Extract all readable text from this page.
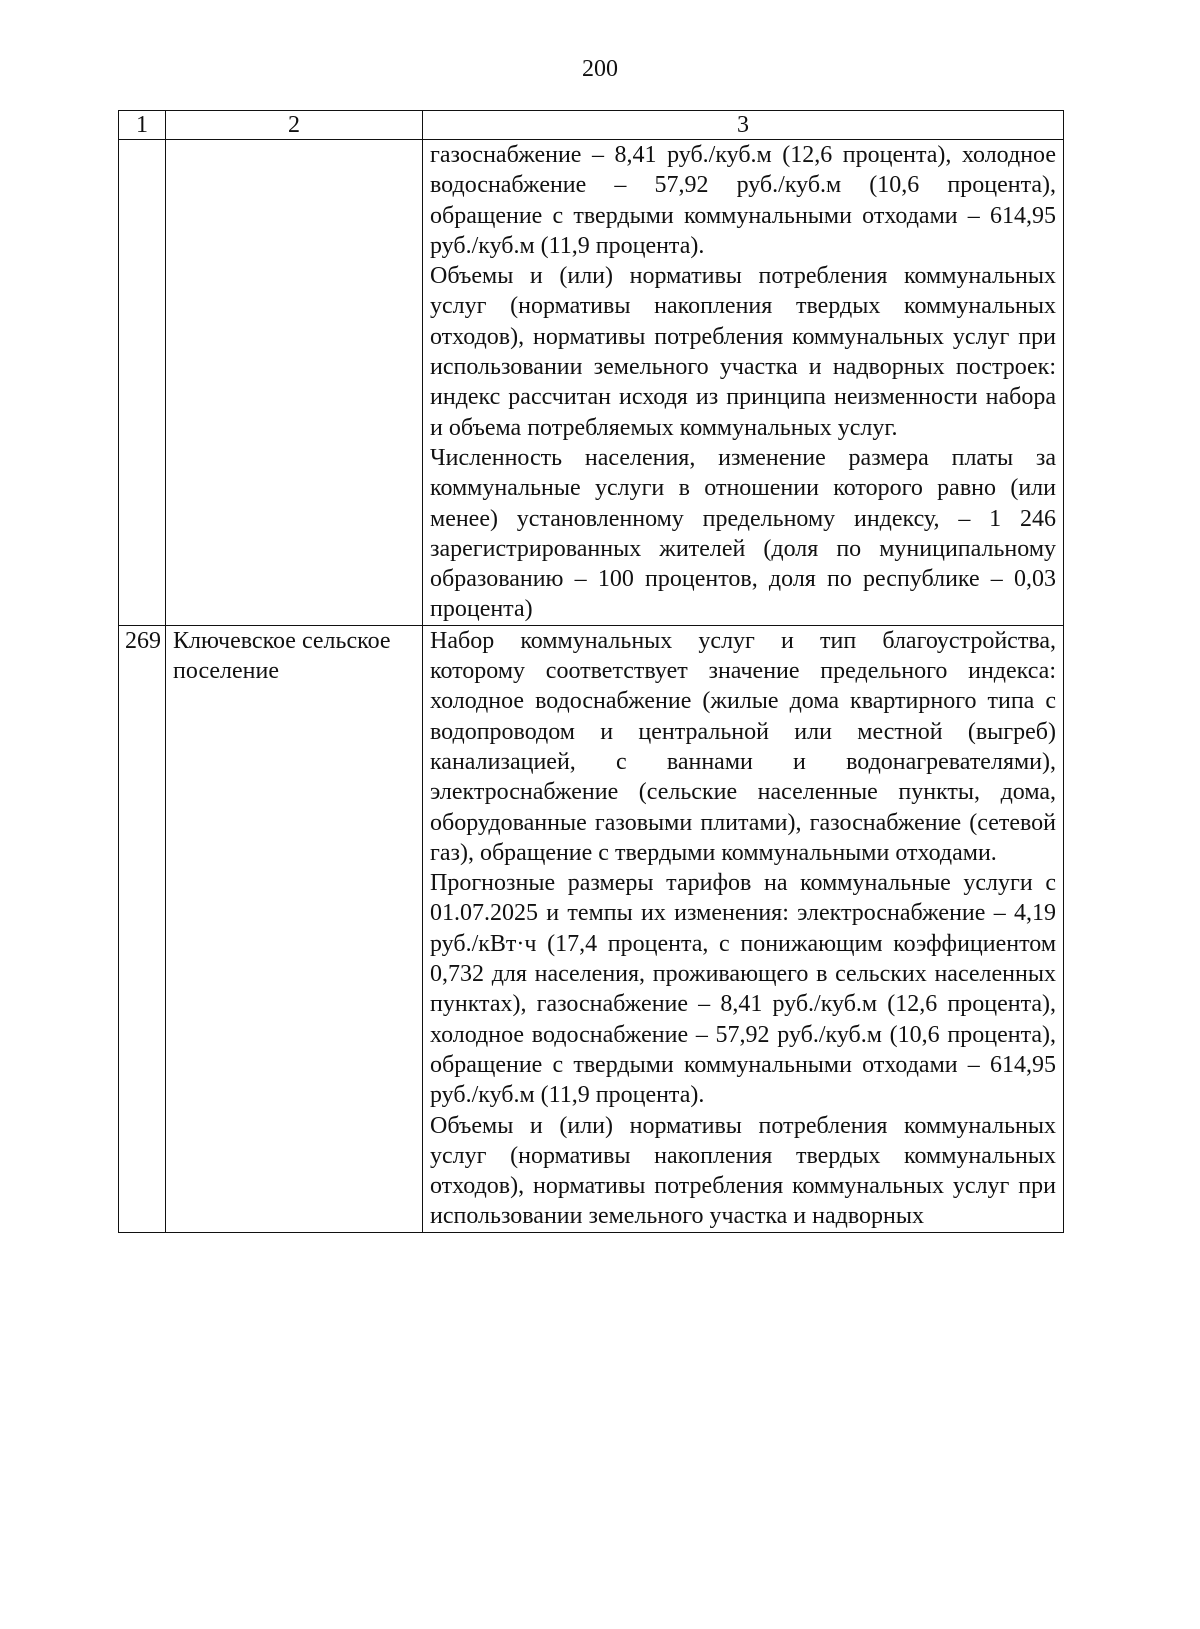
200
1	2	3

		газоснабжение – 8,41 руб./куб.м (12,6 процента), холодное водоснабжение – 57,92 руб./куб.м (10,6 процента), обращение с твердыми коммунальными отходами – 614,95 руб./куб.м (11,9 процента).

Объемы и (или) нормативы потребления коммунальных услуг (нормативы накопления твердых коммунальных отходов), нормативы потребления коммунальных услуг при использовании земельного участка и надворных построек: индекс рассчитан исходя из принципа неизменности набора и объема потребляемых коммунальных услуг.

Численность населения, изменение размера платы за коммунальные услуги в отношении которого равно (или менее) установленному предельному индексу, – 1 246 зарегистрированных жителей (доля по муниципальному образованию – 100 процентов, доля по республике – 0,03 процента)

269	Ключевское сельское поселение	Набор коммунальных услуг и тип благоустройства, которому соответствует значение предельного индекса: холодное водоснабжение (жилые дома квартирного типа с водопроводом и центральной или местной (выгреб) канализацией, с ваннами и водонагревателями), электроснабжение (сельские населенные пункты, дома, оборудованные газовыми плитами), газоснабжение (сетевой газ), обращение с твердыми коммунальными отходами.

Прогнозные размеры тарифов на коммунальные услуги с 01.07.2025 и темпы их изменения: электроснабжение – 4,19 руб./кВт·ч (17,4 процента, с понижающим коэффициентом 0,732 для населения, проживающего в сельских населенных пунктах), газоснабжение – 8,41 руб./куб.м (12,6 процента), холодное водоснабжение – 57,92 руб./куб.м (10,6 процента), обращение с твердыми коммунальными отходами – 614,95 руб./куб.м (11,9 процента).

Объемы и (или) нормативы потребления коммунальных услуг (нормативы накопления твердых коммунальных отходов), нормативы потребления коммунальных услуг при использовании земельного участка и надворных
